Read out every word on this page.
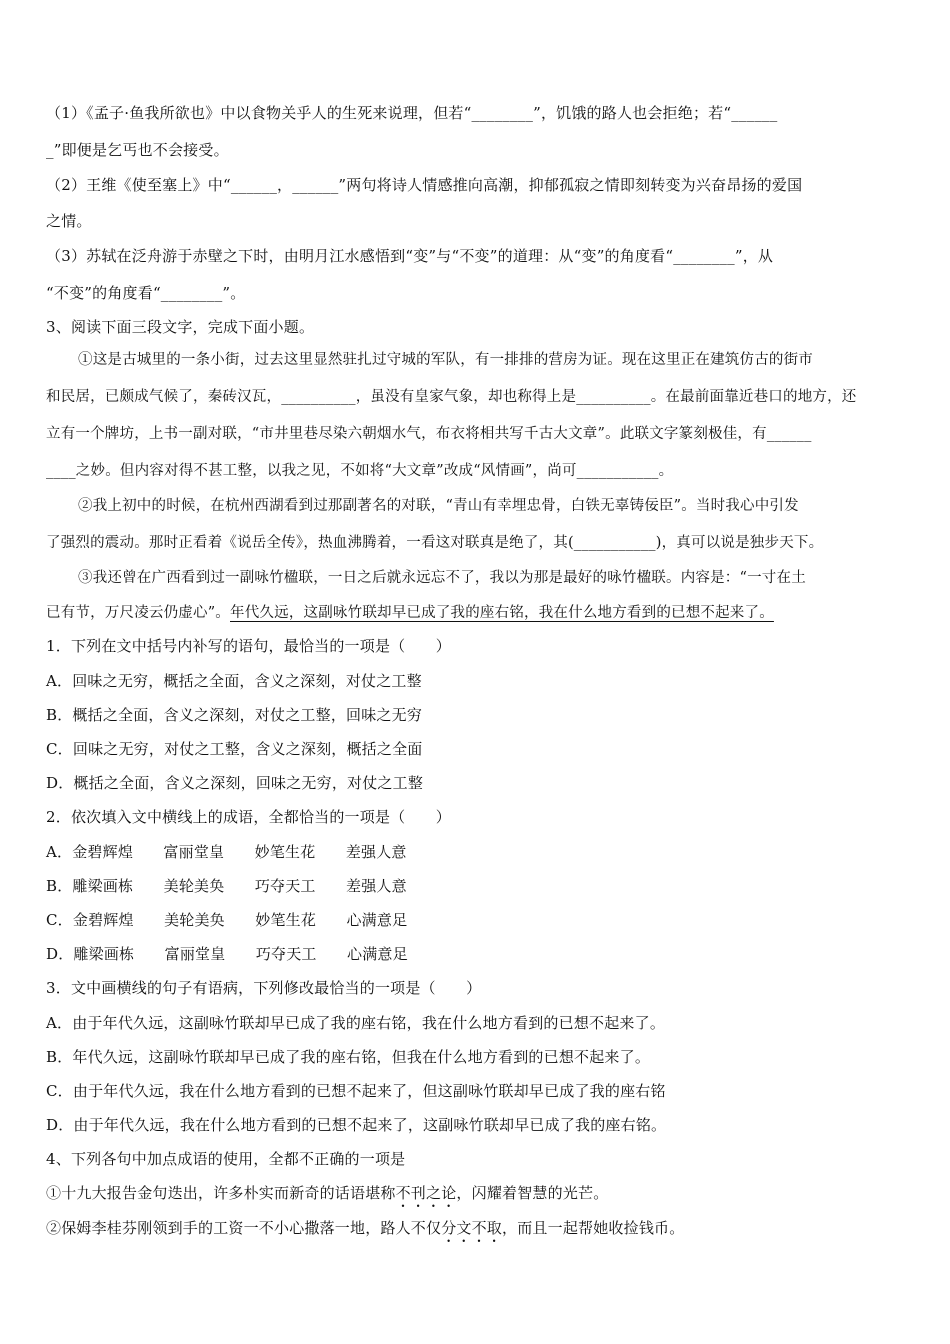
（1）《孟子·鱼我所欲也》中以食物关乎人的生死来说理，但若“________”，饥饿的路人也会拒绝；若“______
_”即便是乞丐也不会接受。
（2）王维《使至塞上》中“______，______”两句将诗人情感推向高潮，抑郁孤寂之情即刻转变为兴奋昂扬的爱国
之情。
（3）苏轼在泛舟游于赤壁之下时，由明月江水感悟到“变”与“不变”的道理：从“变”的角度看“________”，从
“不变”的角度看“________”。
3、阅读下面三段文字，完成下面小题。
①这是古城里的一条小街，过去这里显然驻扎过守城的军队，有一排排的营房为证。现在这里正在建筑仿古的街市
和民居，已颇成气候了，秦砖汉瓦，__________，虽没有皇家气象，却也称得上是__________。在最前面靠近巷口的地方，还
立有一个牌坊，上书一副对联，“市井里巷尽染六朝烟水气，布衣将相共写千古大文章”。此联文字篆刻极佳，有______
____之妙。但内容对得不甚工整，以我之见，不如将“大文章”改成“风情画”，尚可___________。
②我上初中的时候，在杭州西湖看到过那副著名的对联，“青山有幸埋忠骨，白铁无辜铸佞臣”。当时我心中引发
了强烈的震动。那时正看着《说岳全传》，热血沸腾着，一看这对联真是绝了，其(___________)，真可以说是独步天下。
③我还曾在广西看到过一副咏竹楹联，一日之后就永远忘不了，我以为那是最好的咏竹楹联。内容是：“一寸在土
已有节，万尺凌云仍虚心”。年代久远，这副咏竹联却早已成了我的座右铭，我在什么地方看到的已想不起来了。
1．下列在文中括号内补写的语句，最恰当的一项是（　　）
A．回味之无穷，概括之全面，含义之深刻，对仗之工整
B．概括之全面，含义之深刻，对仗之工整，回味之无穷
C．回味之无穷，对仗之工整，含义之深刻，概括之全面
D．概括之全面，含义之深刻，回味之无穷，对仗之工整
2．依次填入文中横线上的成语，全都恰当的一项是（　　）
A．金碧辉煌　　富丽堂皇　　妙笔生花　　差强人意
B．雕梁画栋　　美轮美奂　　巧夺天工　　差强人意
C．金碧辉煌　　美轮美奂　　妙笔生花　　心满意足
D．雕梁画栋　　富丽堂皇　　巧夺天工　　心满意足
3．文中画横线的句子有语病，下列修改最恰当的一项是（　　）
A．由于年代久远，这副咏竹联却早已成了我的座右铭，我在什么地方看到的已想不起来了。
B．年代久远，这副咏竹联却早已成了我的座右铭，但我在什么地方看到的已想不起来了。
C．由于年代久远，我在什么地方看到的已想不起来了，但这副咏竹联却早已成了我的座右铭
D．由于年代久远，我在什么地方看到的已想不起来了，这副咏竹联却早已成了我的座右铭。
4、下列各句中加点成语的使用，全都不正确的一项是
①十九大报告金句迭出，许多朴实而新奇的话语堪称不刊之论，闪耀着智慧的光芒。
②保姆李桂芬刚领到手的工资一不小心撒落一地，路人不仅分文不取，而且一起帮她收捡钱币。
